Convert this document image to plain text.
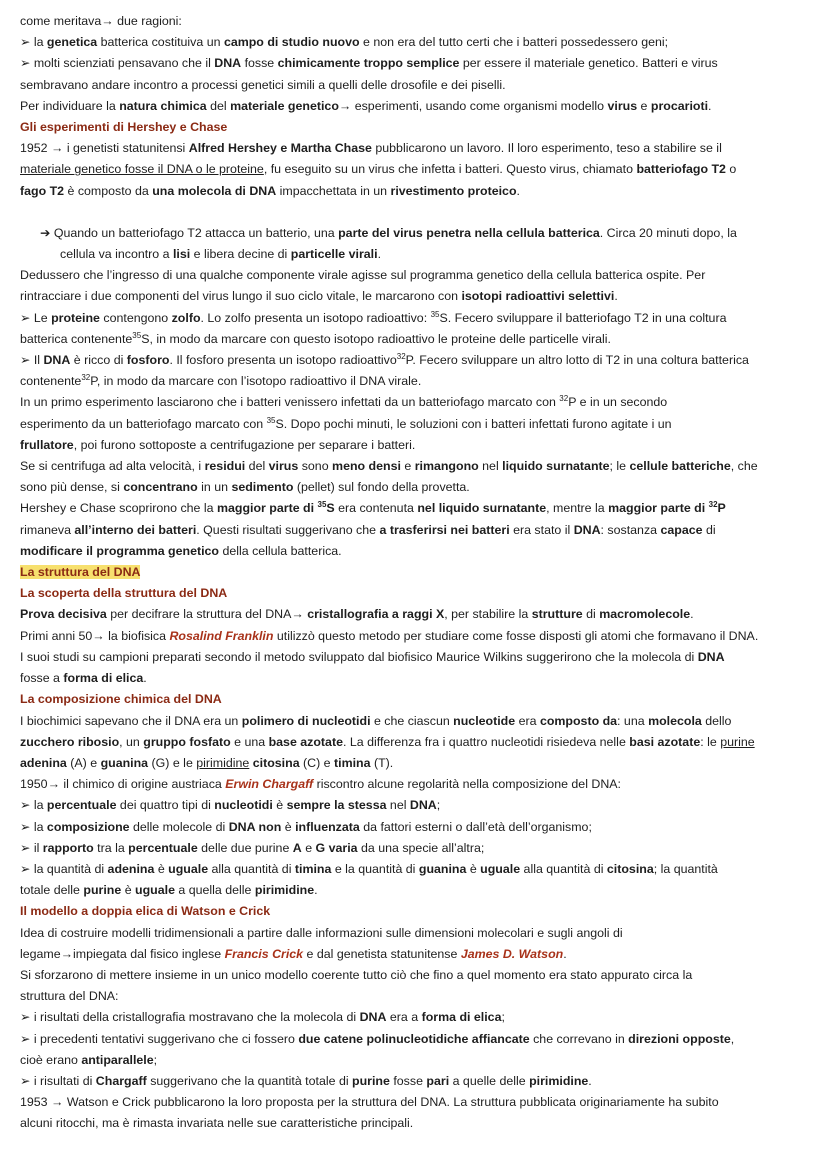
come meritava→ due ragioni:
➢ la genetica batterica costituiva un campo di studio nuovo e non era del tutto certi che i batteri possedessero geni;
➢ molti scienziati pensavano che il DNA fosse chimicamente troppo semplice per essere il materiale genetico. Batteri e virus
sembravano andare incontro a processi genetici simili a quelli delle drosofile e dei piselli.
Per individuare la natura chimica del materiale genetico→ esperimenti, usando come organismi modello virus e procarioti.
Gli esperimenti di Hershey e Chase
1952 → i genetisti statunitensi Alfred Hershey e Martha Chase pubblicarono un lavoro. Il loro esperimento, teso a stabilire se il
materiale genetico fosse il DNA o le proteine, fu eseguito su un virus che infetta i batteri. Questo virus, chiamato batteriofago T2 o
fago T2 è composto da una molecola di DNA impacchettata in un rivestimento proteico.
➔ Quando un batteriofago T2 attacca un batterio, una parte del virus penetra nella cellula batterica. Circa 20 minuti dopo, la
cellula va incontro a lisi e libera decine di particelle virali.
Dedussero che l’ingresso di una qualche componente virale agisse sul programma genetico della cellula batterica ospite. Per
rintracciare i due componenti del virus lungo il suo ciclo vitale, le marcarono con isotopi radioattivi selettivi.
➢ Le proteine contengono zolfo. Lo zolfo presenta un isotopo radioattivo: $^{35}$S. Fecero sviluppare il batteriofago T2 in una coltura
batterica contenente$^{35}$S, in modo da marcare con questo isotopo radioattivo le proteine delle particelle virali.
➢ Il DNA è ricco di fosforo. Il fosforo presenta un isotopo radioattivo$^{32}$P. Fecero sviluppare un altro lotto di T2 in una coltura batterica
contenente$^{32}$P, in modo da marcare con l’isotopo radioattivo il DNA virale.
In un primo esperimento lasciarono che i batteri venissero infettati da un batteriofago marcato con $^{32}$P e in un secondo
esperimento da un batteriofago marcato con $^{35}$S. Dopo pochi minuti, le soluzioni con i batteri infettati furono agitate i un
frullatore, poi furono sottoposte a centrifugazione per separare i batteri.
Se si centrifuga ad alta velocità, i residui del virus sono meno densi e rimangono nel liquido surnatante; le cellule batteriche, che
sono più dense, si concentrano in un sedimento (pellet) sul fondo della provetta.
Hershey e Chase scoprirono che la maggior parte di $^{35}$S era contenuta nel liquido surnatante, mentre la maggior parte di $^{32}$P
rimaneva all’interno dei batteri. Questi risultati suggerivano che a trasferirsi nei batteri era stato il DNA: sostanza capace di
modificare il programma genetico della cellula batterica.
La struttura del DNA
La scoperta della struttura del DNA
Prova decisiva per decifrare la struttura del DNA→ cristallografia a raggi X, per stabilire la strutture di macromolecole.
Primi anni 50→ la biofisica Rosalind Franklin utilizzò questo metodo per studiare come fosse disposti gli atomi che formavano il DNA.
I suoi studi su campioni preparati secondo il metodo sviluppato dal biofisico Maurice Wilkins suggerirono che la molecola di DNA
fosse a forma di elica.
La composizione chimica del DNA
I biochimici sapevano che il DNA era un polimero di nucleotidi e che ciascun nucleotide era composto da: una molecola dello
zucchero ribosio, un gruppo fosfato e una base azotate. La differenza fra i quattro nucleotidi risiedeva nelle basi azotate: le purine
adenina (A) e guanina (G) e le pirimidine citosina (C) e timina (T).
1950→ il chimico di origine austriaca Erwin Chargaff riscontro alcune regolarità nella composizione del DNA:
➢ la percentuale dei quattro tipi di nucleotidi è sempre la stessa nel DNA;
➢ la composizione delle molecole di DNA non è influenzata da fattori esterni o dall’età dell’organismo;
➢ il rapporto tra la percentuale delle due purine A e G varia da una specie all’altra;
➢ la quantità di adenina è uguale alla quantità di timina e la quantità di guanina è uguale alla quantità di citosina; la quantità
totale delle purine è uguale a quella delle pirimidine.
Il modello a doppia elica di Watson e Crick
Idea di costruire modelli tridimensionali a partire dalle informazioni sulle dimensioni molecolari e sugli angoli di
legame→impiegata dal fisico inglese Francis Crick e dal genetista statunitense James D. Watson.
Si sforzarono di mettere insieme in un unico modello coerente tutto ciò che fino a quel momento era stato appurato circa la
struttura del DNA:
➢ i risultati della cristallografia mostravano che la molecola di DNA era a forma di elica;
➢ i precedenti tentativi suggerivano che ci fossero due catene polinucleotidiche affiancate che correvano in direzioni opposte,
cioè erano antiparallele;
➢ i risultati di Chargaff suggerivano che la quantità totale di purine fosse pari a quelle delle pirimidine.
1953 → Watson e Crick pubblicarono la loro proposta per la struttura del DNA. La struttura pubblicata originariamente ha subito
alcuni ritocchi, ma è rimasta invariata nelle sue caratteristiche principali.
